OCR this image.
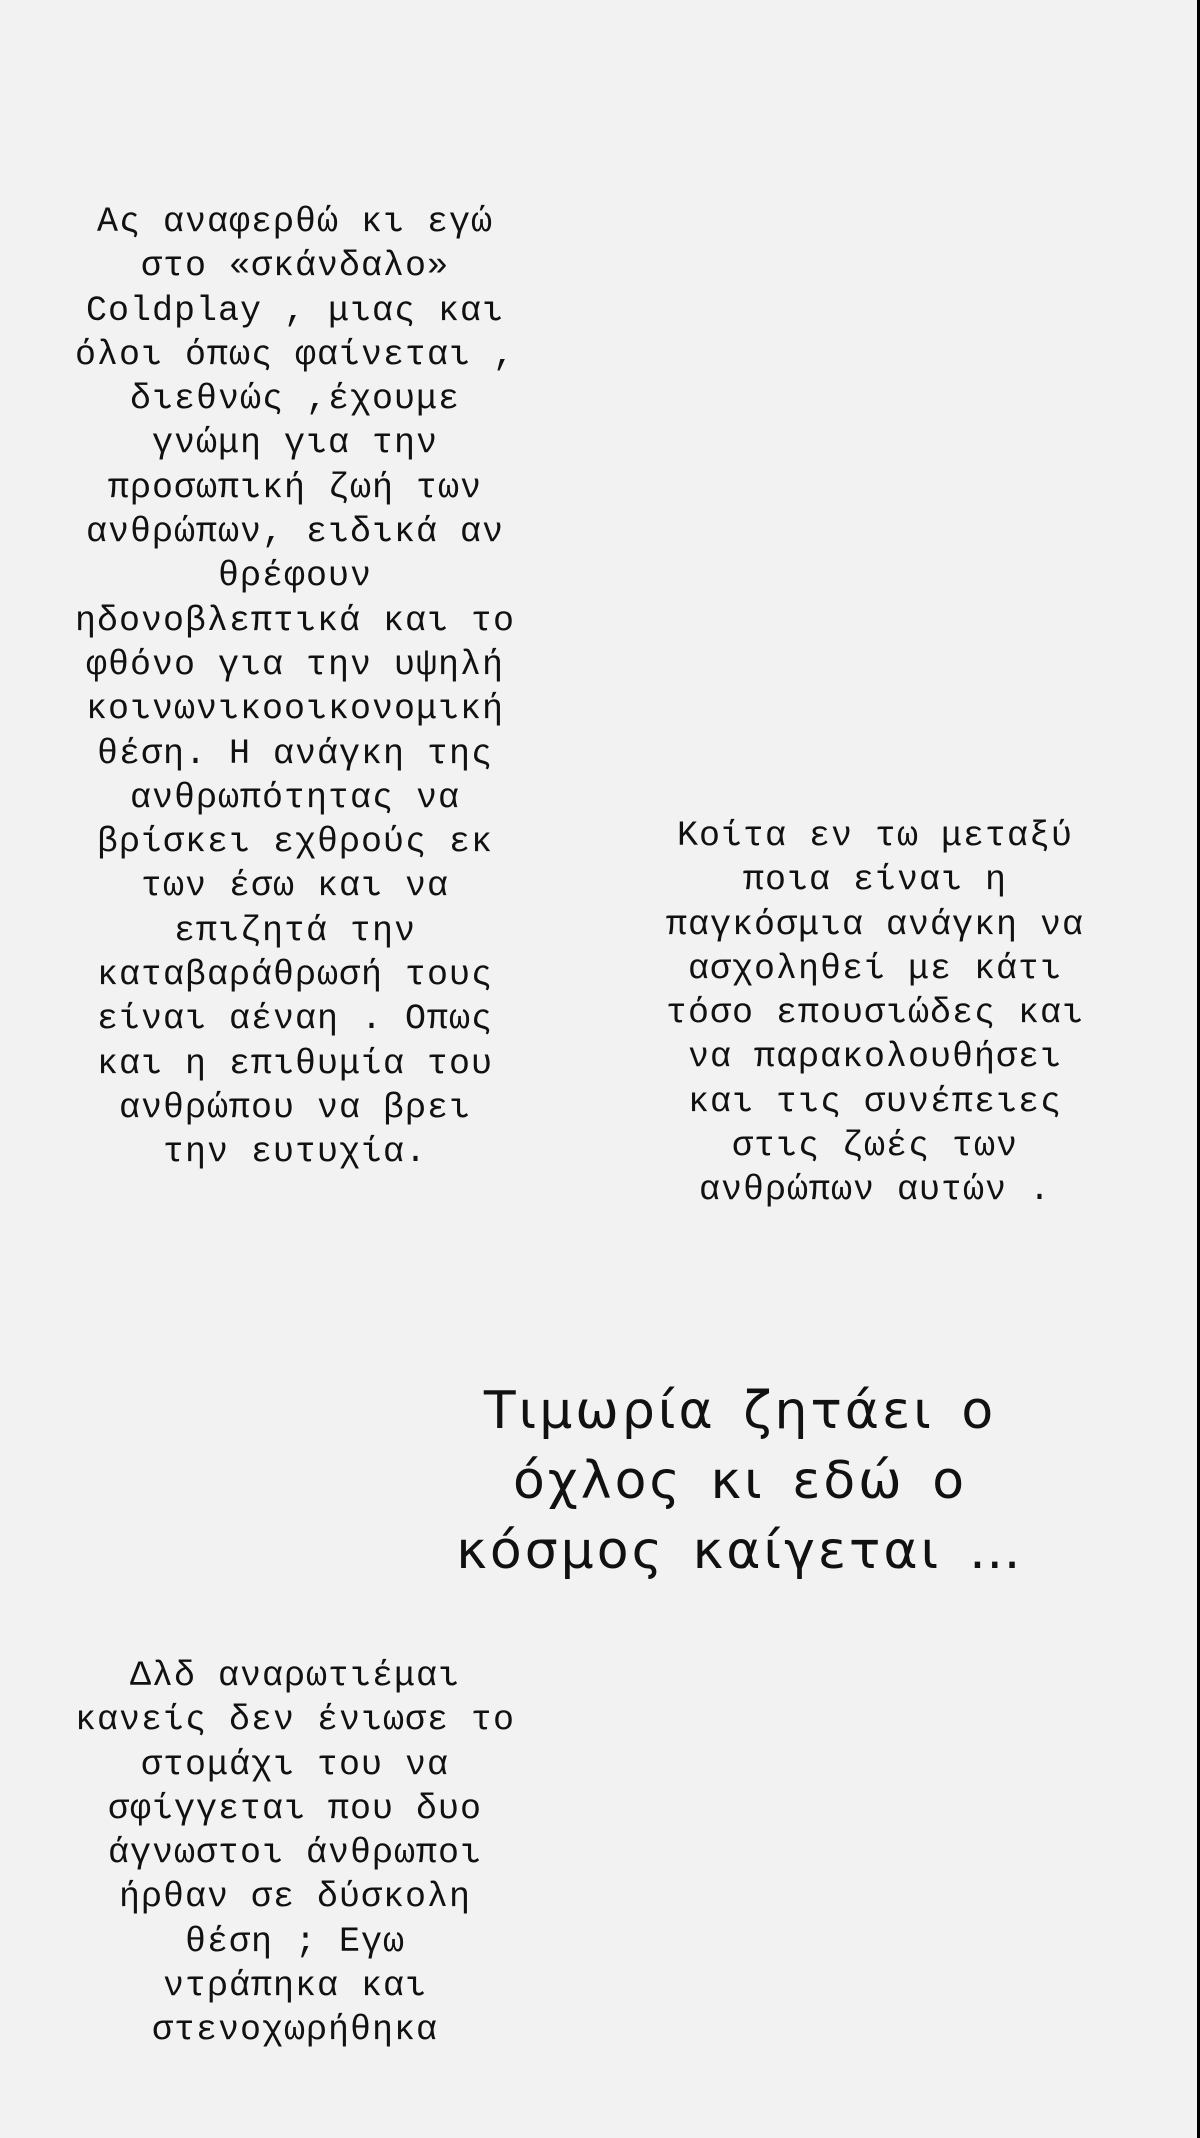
Ας αναφερθώ κι εγώ
στο «σκάνδαλο»
Coldplay , μιας και
όλοι όπως φαίνεται ,
διεθνώς ,έχουμε
γνώμη για την
προσωπική ζωή των
ανθρώπων, ειδικά αν
θρέφουν
ηδονοβλεπτικά και το
φθόνο για την υψηλή
κοινωνικοοικονομική
θέση. Η ανάγκη της
ανθρωπότητας να
βρίσκει εχθρούς εκ
των έσω και να
επιζητά την
καταβαράθρωσή τους
είναι αέναη . Οπως
και η επιθυμία του
ανθρώπου να βρει
την ευτυχία.

Κοίτα εν τω μεταξύ
ποια είναι η
παγκόσμια ανάγκη να
ασχοληθεί με κάτι
τόσο επουσιώδες και
να παρακολουθήσει
και τις συνέπειες
στις ζωές των
ανθρώπων αυτών .

Τιμωρία ζητάει ο
όχλος κι εδώ ο
κόσμος καίγεται …

Δλδ αναρωτιέμαι
κανείς δεν ένιωσε το
στομάχι του να
σφίγγεται που δυο
άγνωστοι άνθρωποι
ήρθαν σε δύσκολη
θέση ; Εγω
ντράπηκα και
στενοχωρήθηκα
